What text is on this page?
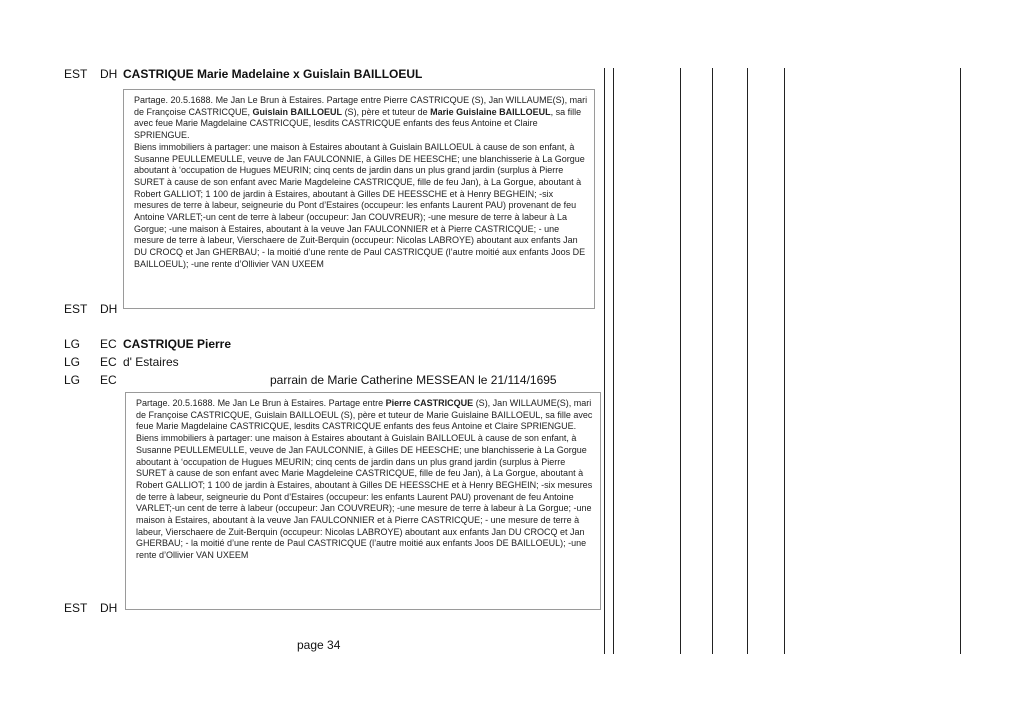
EST DH CASTRIQUE Marie Madelaine x Guislain BAILLOEUL

Partage. 20.5.1688. Me Jan Le Brun à Estaires. Partage entre Pierre CASTRICQUE (S), Jan WILLAUME(S), mari de Françoise CASTRICQUE, Guislain BAILLOEUL (S), père et tuteur de Marie Guislaine BAILLOEUL, sa fille avec feue Marie Magdelaine CASTRICQUE, lesdits CASTRICQUE enfants des feus Antoine et Claire SPRIENGUE.

Biens immobiliers à partager: une maison à Estaires aboutant à Guislain BAILLOEUL à cause de son enfant, à Susanne PEULLEMEULLE, veuve de Jan FAULCONNIE, à Gilles DE HEESCHE; une blanchisserie à La Gorgue aboutant à ‘occupation de Hugues MEURIN; cinq cents de jardin dans un plus grand jardin (surplus à Pierre SURET à cause de son enfant avec Marie Magdeleine CASTRICQUE, fille de feu Jan), à La Gorgue, aboutant à Robert GALLIOT; 1 100 de jardin à Estaires, aboutant à Gilles DE HEESSCHE et à Henry BEGHEIN; -six mesures de terre à labeur, seigneurie du Pont d’Estaires (occupeur: les enfants Laurent PAU) provenant de feu Antoine VARLET;-un cent de terre à labeur (occupeur: Jan COUVREUR); -une mesure de terre à labeur à La Gorgue; -une maison à Estaires, aboutant à la veuve Jan FAULCONNIER et à Pierre CASTRICQUE; - une mesure de terre à labeur, Vierschaere de Zuit-Berquin (occupeur: Nicolas LABROYE) aboutant aux enfants Jan DU CROCQ et Jan GHERBAU; - la moitié d’une rente de Paul CASTRICQUE (l’autre moitié aux enfants Joos DE BAILLOEUL); -une rente d’Ollivier VAN UXEEM

EST DH
LG EC CASTRIQUE Pierre
LG EC d' Estaires
LG EC	parrain de Marie Catherine MESSEAN le 21/114/1695

Partage. 20.5.1688. Me Jan Le Brun à Estaires. Partage entre Pierre CASTRICQUE (S), Jan WILLAUME(S), mari de Françoise CASTRICQUE, Guislain BAILLOEUL (S), père et tuteur de Marie Guislaine BAILLOEUL, sa fille avec feue Marie Magdelaine CASTRICQUE, lesdits CASTRICQUE enfants des feus Antoine et Claire SPRIENGUE.

Biens immobiliers à partager: une maison à Estaires aboutant à Guislain BAILLOEUL à cause de son enfant, à Susanne PEULLEMEULLE, veuve de Jan FAULCONNIE, à Gilles DE HEESCHE; une blanchisserie à La Gorgue aboutant à ‘occupation de Hugues MEURIN; cinq cents de jardin dans un plus grand jardin (surplus à Pierre SURET à cause de son enfant avec Marie Magdeleine CASTRICQUE, fille de feu Jan), à La Gorgue, aboutant à Robert GALLIOT; 1 100 de jardin à Estaires, aboutant à Gilles DE HEESSCHE et à Henry BEGHEIN; -six mesures de terre à labeur, seigneurie du Pont d’Estaires (occupeur: les enfants Laurent PAU) provenant de feu Antoine VARLET;-un cent de terre à labeur (occupeur: Jan COUVREUR); -une mesure de terre à labeur à La Gorgue; -une maison à Estaires, aboutant à la veuve Jan FAULCONNIER et à Pierre CASTRICQUE; - une mesure de terre à labeur, Vierschaere de Zuit-Berquin (occupeur: Nicolas LABROYE) aboutant aux enfants Jan DU CROCQ et Jan GHERBAU; - la moitié d’une rente de Paul CASTRICQUE (l’autre moitié aux enfants Joos DE BAILLOEUL); -une rente d’Ollivier VAN UXEEM

EST DH
page 34
